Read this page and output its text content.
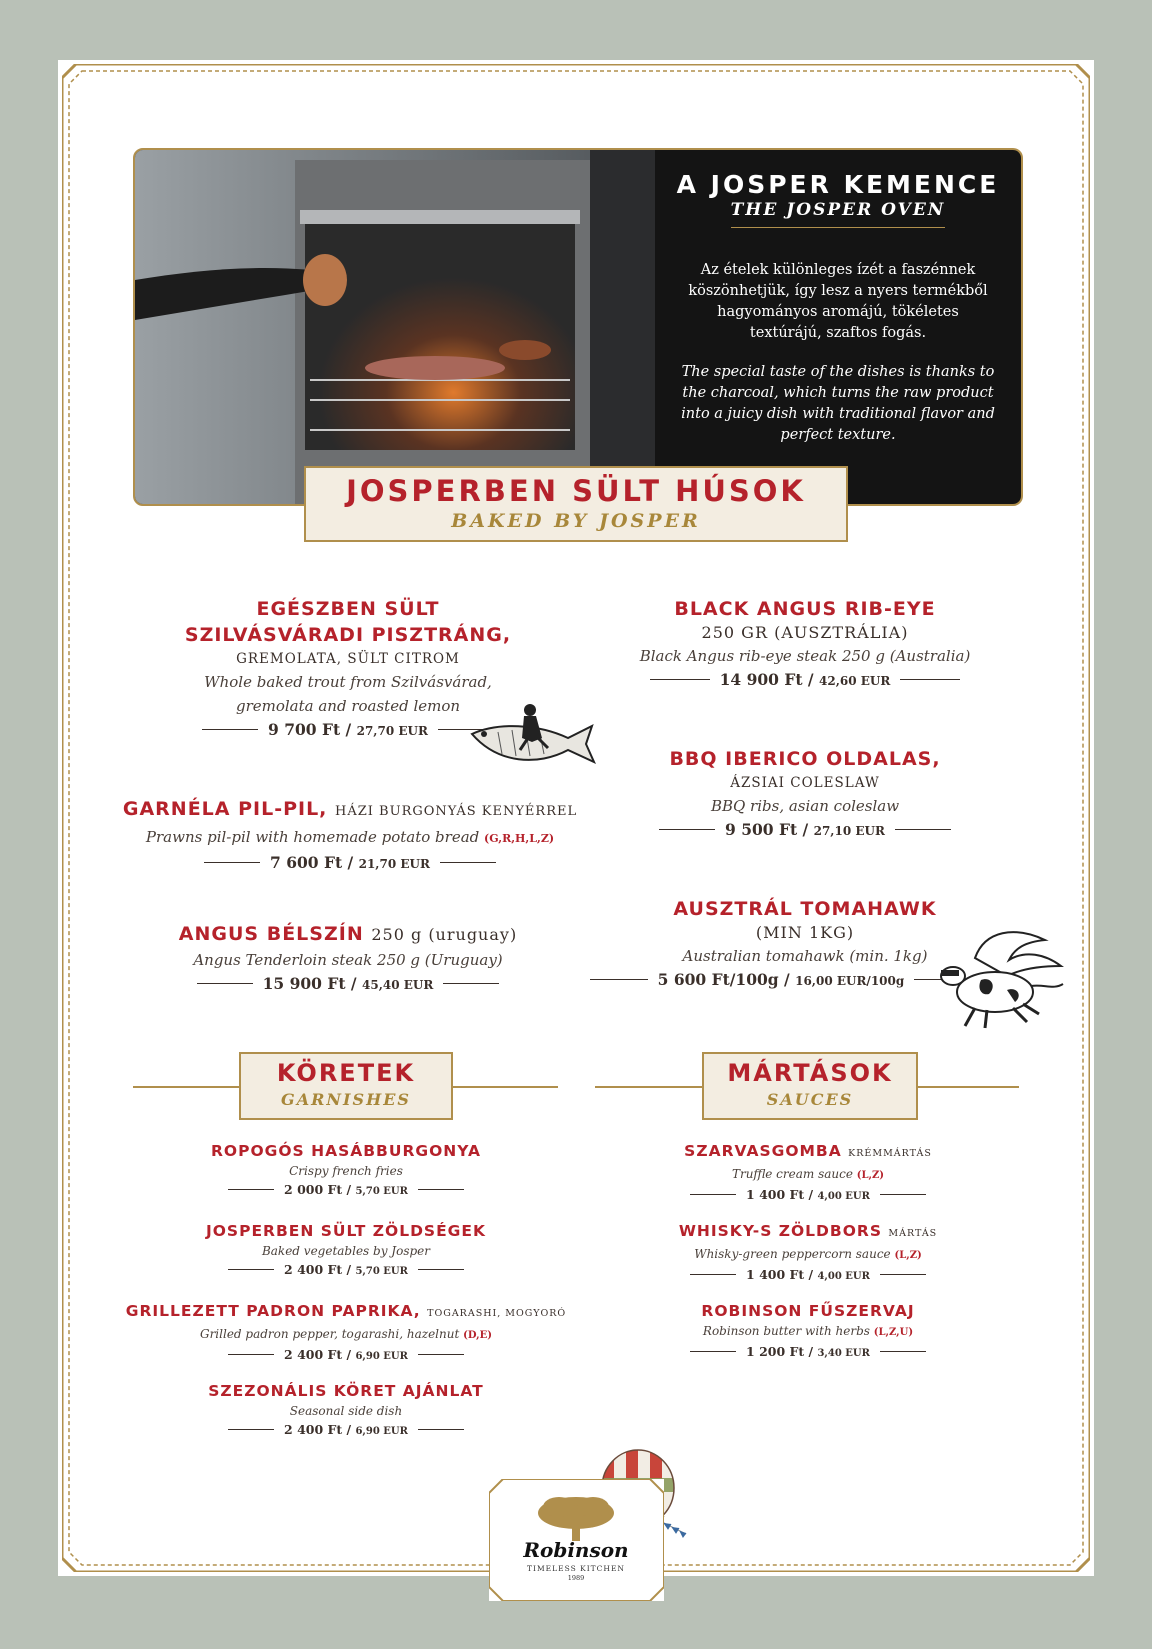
A JOSPER KEMENCE
THE JOSPER OVEN
Az ételek különleges ízét a faszénnek köszönhetjük, így lesz a nyers termékből hagyományos aromájú, tökéletes textúrájú, szaftos fogás.
The special taste of the dishes is thanks to the charcoal, which turns the raw product into a juicy dish with traditional flavor and perfect texture.
JOSPERBEN SÜLT HÚSOK
BAKED BY JOSPER
EGÉSZBEN SÜLT
SZILVÁSVÁRADI PISZTRÁNG,
GREMOLATA, SÜLT CITROM
Whole baked trout from Szilvásvárad,
gremolata and roasted lemon
9 700 Ft / 27,70 EUR
GARNÉLA PIL-PIL, HÁZI BURGONYÁS KENYÉRREL
Prawns pil-pil with homemade potato bread (G,R,H,L,Z)
7 600 Ft / 21,70 EUR
ANGUS BÉLSZÍN 250 g (uruguay)
Angus Tenderloin steak 250 g (Uruguay)
15 900 Ft / 45,40 EUR
BLACK ANGUS RIB-EYE
250 GR (AUSZTRÁLIA)
Black Angus rib-eye steak 250 g (Australia)
14 900 Ft / 42,60 EUR
BBQ IBERICO OLDALAS,
ÁZSIAI COLESLAW
BBQ ribs, asian coleslaw
9 500 Ft / 27,10 EUR
AUSZTRÁL TOMAHAWK
(MIN 1KG)
Australian tomahawk (min. 1kg)
5 600 Ft/100g / 16,00 EUR/100g
KÖRETEK
GARNISHES
MÁRTÁSOK
SAUCES
ROPOGÓS HASÁBBURGONYA
Crispy french fries
2 000 Ft / 5,70 EUR
JOSPERBEN SÜLT ZÖLDSÉGEK
Baked vegetables by Josper
2 400 Ft / 5,70 EUR
GRILLEZETT PADRON PAPRIKA, TOGARASHI, MOGYORÓ
Grilled padron pepper, togarashi, hazelnut (D,E)
2 400 Ft / 6,90 EUR
SZEZONÁLIS KÖRET AJÁNLAT
Seasonal side dish
2 400 Ft / 6,90 EUR
SZARVASGOMBA KRÉMMÁRTÁS
Truffle cream sauce (L,Z)
1 400 Ft / 4,00 EUR
WHISKY-S ZÖLDBORS MÁRTÁS
Whisky-green peppercorn sauce (L,Z)
1 400 Ft / 4,00 EUR
ROBINSON FŰSZERVAJ
Robinson butter with herbs (L,Z,U)
1 200 Ft / 3,40 EUR
Robinson
TIMELESS KITCHEN
1989
